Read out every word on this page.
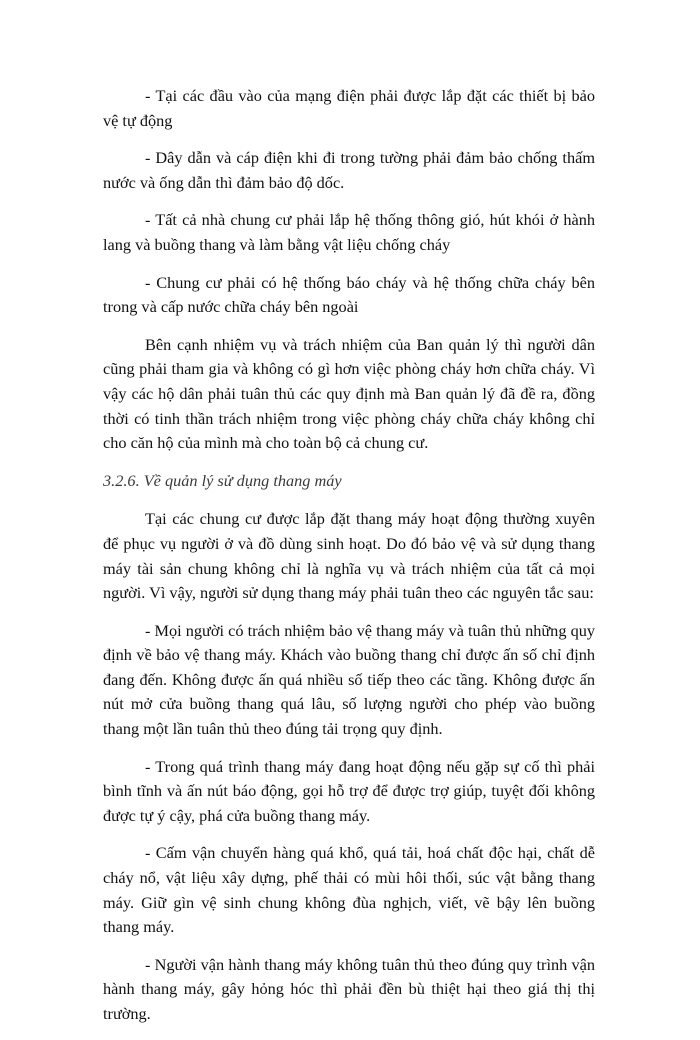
- Tại các đầu vào của mạng điện phải được lắp đặt các thiết bị bảo vệ tự động

- Dây dẫn và cáp điện khi đi trong tường phải đảm bảo chống thấm nước và ống dẫn thì đảm bảo độ dốc.

- Tất cả nhà chung cư phải lắp hệ thống thông gió, hút khói ở hành lang và buồng thang và làm bằng vật liệu chống cháy

- Chung cư phải có hệ thống báo cháy và hệ thống chữa cháy bên trong và cấp nước chữa cháy bên ngoài

Bên cạnh nhiệm vụ và trách nhiệm của Ban quản lý thì người dân cũng phải tham gia và không có gì hơn việc phòng cháy hơn chữa cháy. Vì vậy các hộ dân phải tuân thủ các quy định mà Ban quản lý đã đề ra, đồng thời có tinh thần trách nhiệm trong việc phòng cháy chữa cháy không chỉ cho căn hộ của mình mà cho toàn bộ cả chung cư.

3.2.6. Về quản lý sử dụng thang máy

Tại các chung cư được lắp đặt thang máy hoạt động thường xuyên để phục vụ người ở và đồ dùng sinh hoạt. Do đó bảo vệ và sử dụng thang máy tài sản chung không chỉ là nghĩa vụ và trách nhiệm của tất cả mọi người. Vì vậy, người sử dụng thang máy phải tuân theo các nguyên tắc sau:

- Mọi người có trách nhiệm bảo vệ thang máy và tuân thủ những quy định về bảo vệ thang máy. Khách vào buồng thang chỉ được ấn số chỉ định đang đến. Không được ấn quá nhiều số tiếp theo các tầng. Không được ấn nút mở cửa buồng thang quá lâu, số lượng người cho phép vào buồng thang một lần tuân thủ theo đúng tải trọng quy định.

- Trong quá trình thang máy đang hoạt động nếu gặp sự cố thì phải bình tĩnh và ấn nút báo động, gọi hỗ trợ để được trợ giúp, tuyệt đối không được tự ý cậy, phá cửa buồng thang máy.

- Cấm vận chuyển hàng quá khổ, quá tải, hoá chất độc hại, chất dễ cháy nổ, vật liệu xây dựng, phế thải có mùi hôi thối, súc vật bằng thang máy. Giữ gìn vệ sinh chung không đùa nghịch, viết, vẽ bậy lên buồng thang máy.

- Người vận hành thang máy không tuân thủ theo đúng quy trình vận hành thang máy, gây hỏng hóc thì phải đền bù thiệt hại theo giá thị thị trường.
